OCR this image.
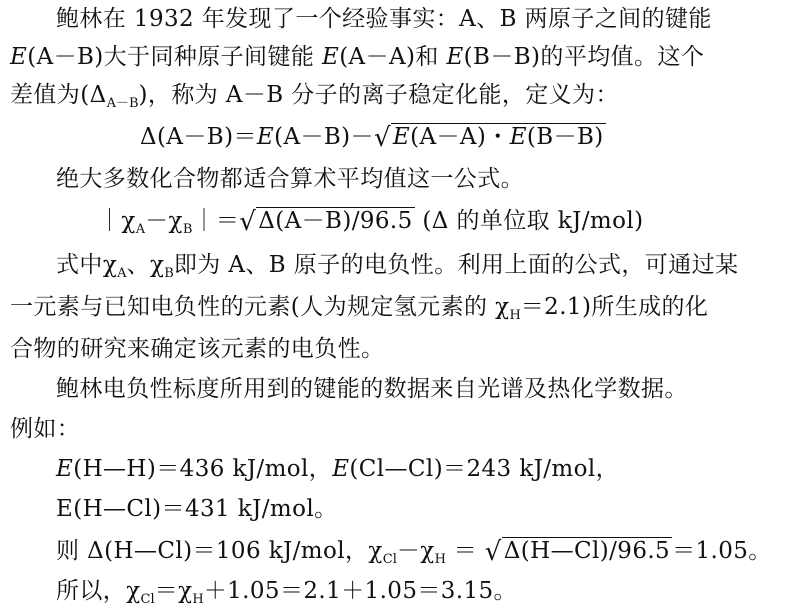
鲍林在 1932 年发现了一个经验事实：A、B 两原子之间的键能
E(A－B)大于同种原子间键能 E(A－A)和 E(B－B)的平均值。这个
差值为$(\Delta_{A-B})$，称为 A－B 分子的离子稳定化能，定义为：
Δ(A－B)＝E(A－B)－√E(A－A)・E(B－B)
绝大多数化合物都适合算术平均值这一公式。
$|\chi_A-\chi_B|=√\Delta(A-B)/96.5$ (Δ 的单位取 kJ/mol)
式中$\chi_A$、$\chi_B$即为 A、B 原子的电负性。利用上面的公式，可通过某
一元素与已知电负性的元素(人为规定氢元素的 $\chi_H=2.1$)所生成的化
合物的研究来确定该元素的电负性。
鲍林电负性标度所用到的键能的数据来自光谱及热化学数据。
例如：
E(H—H)＝436 kJ/mol，E(Cl—Cl)＝243 kJ/mol，
E(H—Cl)＝431 kJ/mol。
则 Δ(H—Cl)＝106 kJ/mol，$\chi_{Cl}-\chi_H$ ＝ √Δ(H—Cl)/96.5＝1.05。
所以，$\chi_{Cl}=\chi_H+1.05=2.1+1.05=3.15$。
